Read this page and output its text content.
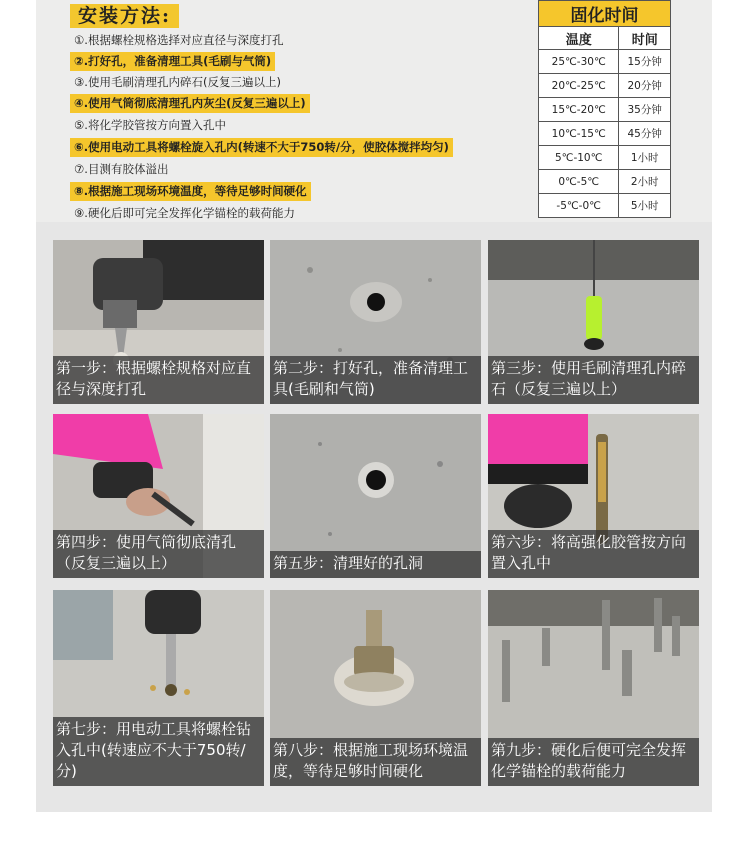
安装方法:
①.根据螺栓规格选择对应直径与深度打孔
②.打好孔，准备清理工具(毛刷与气筒)
③.使用毛刷清理孔内碎石(反复三遍以上)
④.使用气筒彻底清理孔内灰尘(反复三遍以上)
⑤.将化学胶管按方向置入孔中
⑥.使用电动工具将螺栓旋入孔内(转速不大于750转/分，使胶体搅拌均匀)
⑦.目测有胶体溢出
⑧.根据施工现场环境温度，等待足够时间硬化
⑨.硬化后即可完全发挥化学锚栓的载荷能力
固化时间	
温度	时间
25℃-30℃	15分钟
20℃-25℃	20分钟
15℃-20℃	35分钟
10℃-15℃	45分钟
5℃-10℃	1小时
0℃-5℃	2小时
-5℃-0℃	5小时
第一步：根据螺栓规格对应直径与深度打孔
第二步：打好孔，准备清理工具(毛刷和气筒)
第三步：使用毛刷清理孔内碎石（反复三遍以上）
第四步：使用气筒彻底清孔（反复三遍以上）	第五步：清理好的孔洞
第六步：将高强化胶管按方向置入孔中
第七步：用电动工具将螺栓钻入孔中(转速应不大于750转/分)
第八步：根据施工现场环境温度，等待足够时间硬化
第九步：硬化后便可完全发挥化学锚栓的载荷能力
